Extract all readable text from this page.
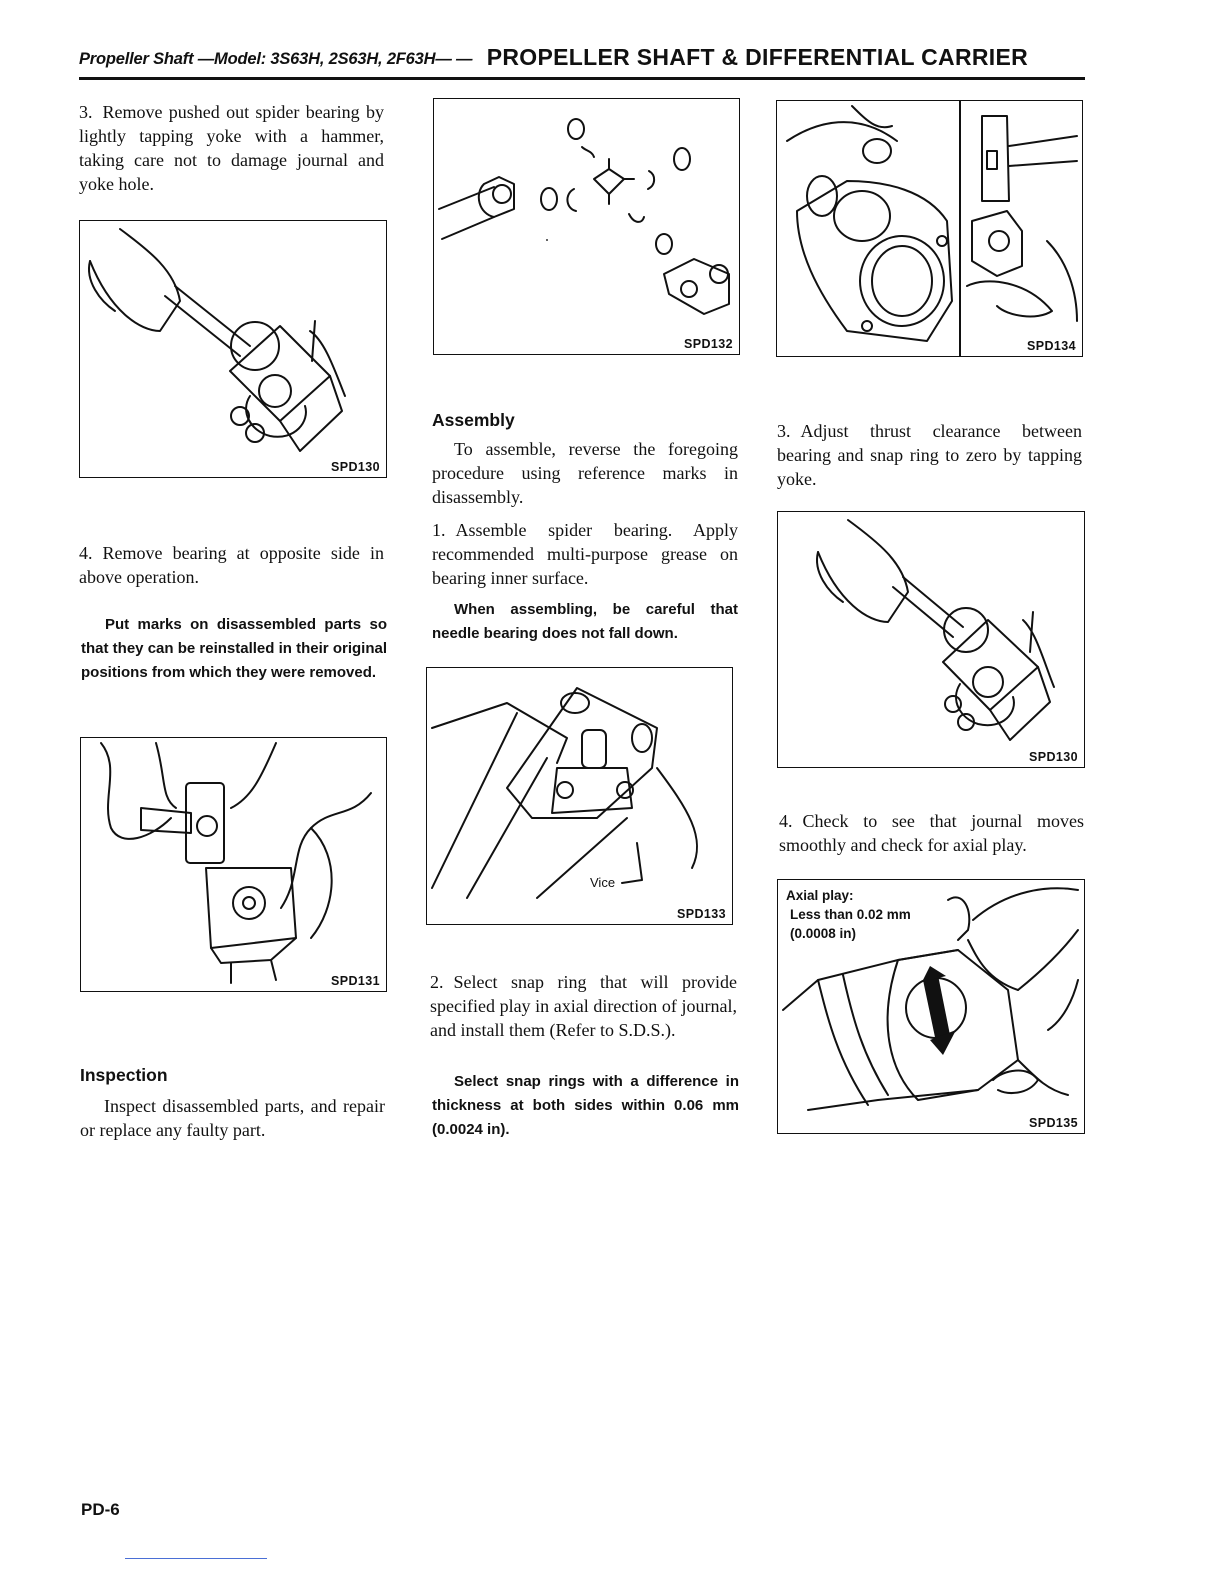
Propeller Shaft —Model: 3S63H, 2S63H, 2F63H— — PROPELLER SHAFT & DIFFERENTIAL CARRIER

3. Remove pushed out spider bearing by lightly tapping yoke with a hammer, taking care not to damage journal and yoke hole.

SPD130

4. Remove bearing at opposite side in above operation.

Put marks on disassembled parts so that they can be reinstalled in their original positions from which they were removed.

SPD131
Inspection

Inspect disassembled parts, and repair or replace any faulty part.

SPD132
Assembly

To assemble, reverse the foregoing procedure using reference marks in disassembly.

1. Assemble spider bearing. Apply recommended multi-purpose grease on bearing inner surface.

When assembling, be careful that needle bearing does not fall down.

Vice
SPD133

2. Select snap ring that will provide specified play in axial direction of journal, and install them (Refer to S.D.S.).

Select snap rings with a difference in thickness at both sides within 0.06 mm (0.0024 in).

SPD134

3. Adjust thrust clearance between bearing and snap ring to zero by tapping yoke.

SPD130

4. Check to see that journal moves smoothly and check for axial play.

Axial play:
Less than 0.02 mm
(0.0008 in)
SPD135
PD-6
